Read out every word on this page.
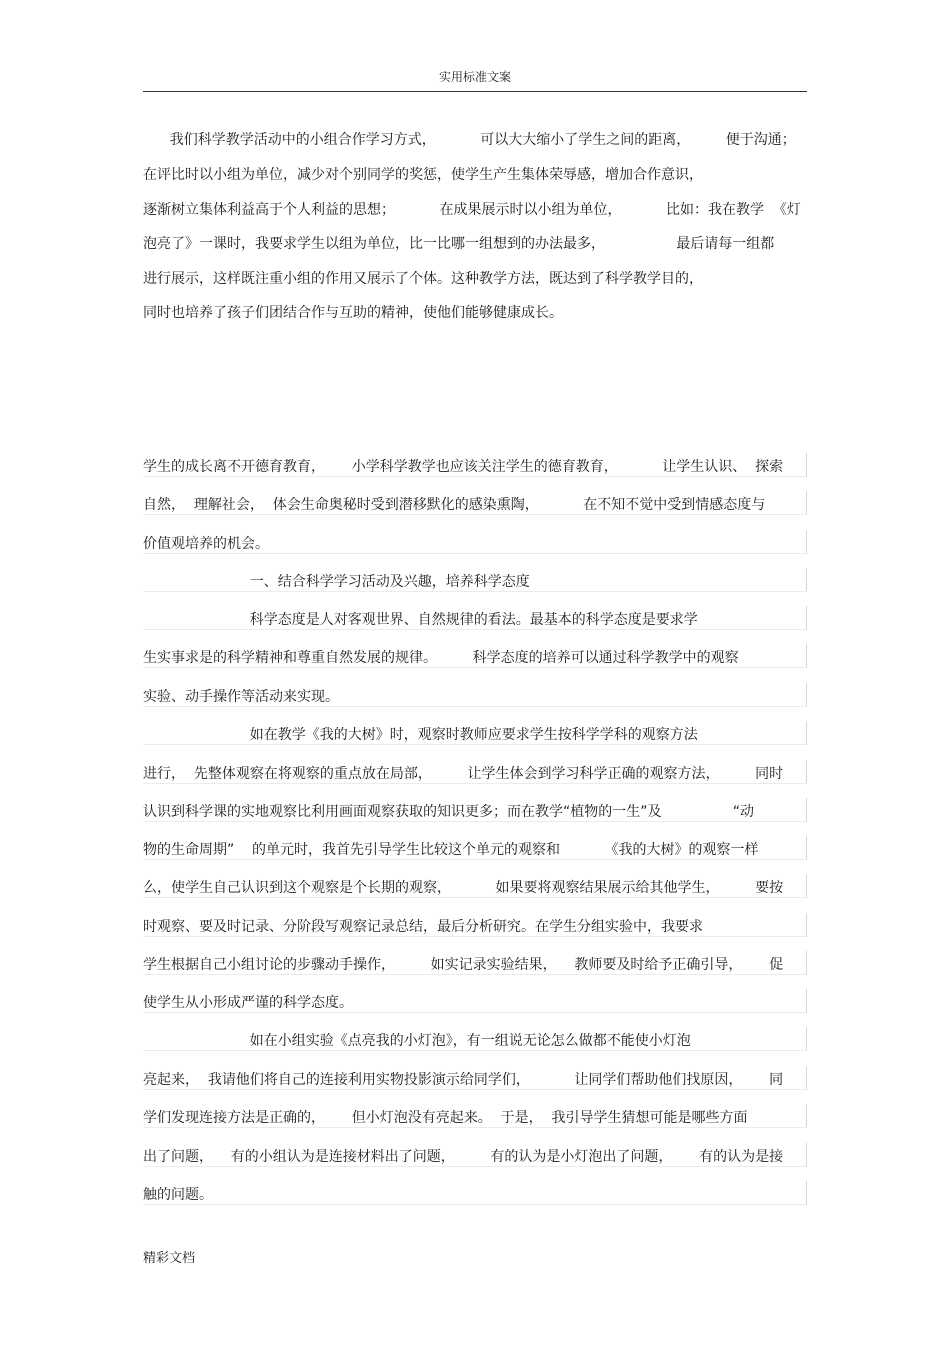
实用标准文案
我们科学教学活动中的小组合作学习方式，          可以大大缩小了学生之间的距离，        便于沟通；
在评比时以小组为单位，减少对个别同学的奖惩，使学生产生集体荣辱感，增加合作意识，
逐渐树立集体利益高于个人利益的思想；          在成果展示时以小组为单位，          比如：我在教学  《灯
泡亮了》一课时，我要求学生以组为单位，比一比哪一组想到的办法最多，                最后请每一组都
进行展示，这样既注重小组的作用又展示了个体。这种教学方法，既达到了科学教学目的，
同时也培养了孩子们团结合作与互助的精神，使他们能够健康成长。
学生的成长离不开德育教育，      小学科学教学也应该关注学生的德育教育，          让学生认识、  探索
自然，  理解社会，  体会生命奥秘时受到潜移默化的感染熏陶，          在不知不觉中受到情感态度与
价值观培养的机会。
一、结合科学学习活动及兴趣，培养科学态度
科学态度是人对客观世界、自然规律的看法。最基本的科学态度是要求学
生实事求是的科学精神和尊重自然发展的规律。        科学态度的培养可以通过科学教学中的观察
实验、动手操作等活动来实现。
如在教学《我的大树》时，观察时教师应要求学生按科学学科的观察方法
进行，  先整体观察在将观察的重点放在局部，        让学生体会到学习科学正确的观察方法，        同时
认识到科学课的实地观察比利用画面观察获取的知识更多；而在教学“植物的一生”及                “动
物的生命周期”    的单元时，我首先引导学生比较这个单元的观察和          《我的大树》的观察一样
么，使学生自己认识到这个观察是个长期的观察，          如果要将观察结果展示给其他学生，        要按
时观察、要及时记录、分阶段写观察记录总结，最后分析研究。在学生分组实验中，我要求
学生根据自己小组讨论的步骤动手操作，        如实记录实验结果，    教师要及时给予正确引导，      促
使学生从小形成严谨的科学态度。
如在小组实验《点亮我的小灯泡》，有一组说无论怎么做都不能使小灯泡
亮起来，  我请他们将自己的连接利用实物投影演示给同学们，          让同学们帮助他们找原因，      同
学们发现连接方法是正确的，      但小灯泡没有亮起来。  于是，  我引导学生猜想可能是哪些方面
出了问题，    有的小组认为是连接材料出了问题，        有的认为是小灯泡出了问题，      有的认为是接
触的问题。
精彩文档
